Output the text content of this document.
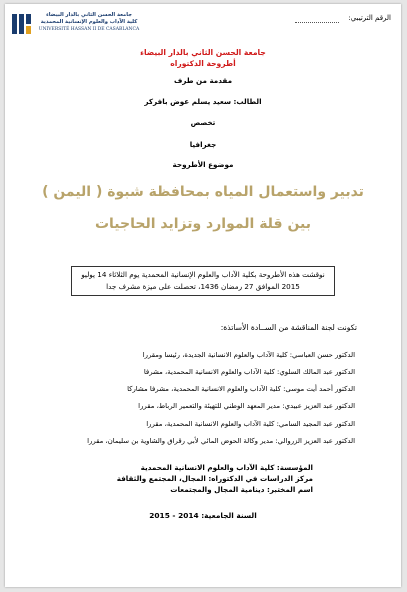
جامعة الحسن الثاني بالدار البيضاء
كلية الآداب والعلوم الإنسانية المحمدية
UNIVERSITÉ HASSAN II DE CASABLANCA
الرقم الترتيبي:
جامعة الحسن الثاني بالدار البيضاء
أطروحة الدكتوراه
مقدمة من طرف
الطالب: سعيد يسلم عوض بافركر
تخصص
جغرافيا
موضوع الأطروحة
تدبير واستعمال المياه بمحافظة شبوة ( اليمن )
بين قلة الموارد وتزايد الحاجيات
نوقشت هذه الأطروحة بكلية الآداب والعلوم الإنسانية المحمدية يوم الثلاثاء 14 يوليو 2015 الموافق 27 رمضان 1436، تحصلت على ميزة مشرف جدا
تكونت لجنة المناقشة من الســادة الأساتذة:
الدكتور حسن العباسي: كلية الآداب والعلوم الانسانية الجديدة، رئيسا ومقررا
الدكتور عبد المالك السلوي: كلية الآداب والعلوم الانسانية المحمدية، مشرفا
الدكتور أحمد أيت موسى: كلية الآداب والعلوم الانسانية المحمدية، مشرفا مشاركا
الدكتور عبد العزيز عبيدي: مدير المعهد الوطني للتهيئة والتعمير الرباط، مقررا
الدكتور عبد المجيد السامي: كلية الآداب والعلوم الانسانية المحمدية، مقررا
الدكتور عبد العزيز الزروالي: مدير وكالة الحوض المائي لأبي رقراق والشاوية بن سليمان، مقررا
المؤسسة: كلية الآداب والعلوم الانسانية المحمدية
مركز الدراسات في الدكتوراه: المجال، المجتمع والثقافة
اسم المختبر: دينامية المجال والمجتمعات
السنة الجامعية: 2014 - 2015
